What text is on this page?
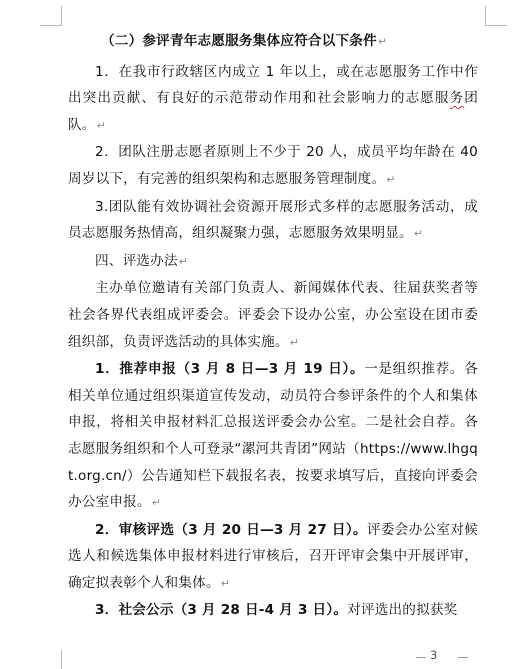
（二）参评青年志愿服务集体应符合以下条件↵

1．在我市行政辖区内成立 1 年以上，或在志愿服务工作中作出突出贡献、有良好的示范带动作用和社会影响力的志愿服务团队。↵

2．团队注册志愿者原则上不少于 20 人，成员平均年龄在 40 周岁以下，有完善的组织架构和志愿服务管理制度。↵

3.团队能有效协调社会资源开展形式多样的志愿服务活动，成员志愿服务热情高，组织凝聚力强，志愿服务效果明显。↵

四、评选办法↵

主办单位邀请有关部门负责人、新闻媒体代表、往届获奖者等社会各界代表组成评委会。评委会下设办公室，办公室设在团市委组织部，负责评选活动的具体实施。↵

1．推荐申报（3 月 8 日—3 月 19 日）。一是组织推荐。各相关单位通过组织渠道宣传发动，动员符合参评条件的个人和集体申报，将相关申报材料汇总报送评委会办公室。二是社会自荐。各志愿服务组织和个人可登录“漯河共青团”网站（https://www.lhgqt.org.cn/）公告通知栏下载报名表，按要求填写后，直接向评委会办公室申报。↵

2．审核评选（3 月 20 日—3 月 27 日）。评委会办公室对候选人和候选集体申报材料进行审核后，召开评审会集中开展评审，确定拟表彰个人和集体。↵

3．社会公示（3 月 28 日-4 月 3 日）。对评选出的拟获奖

3
